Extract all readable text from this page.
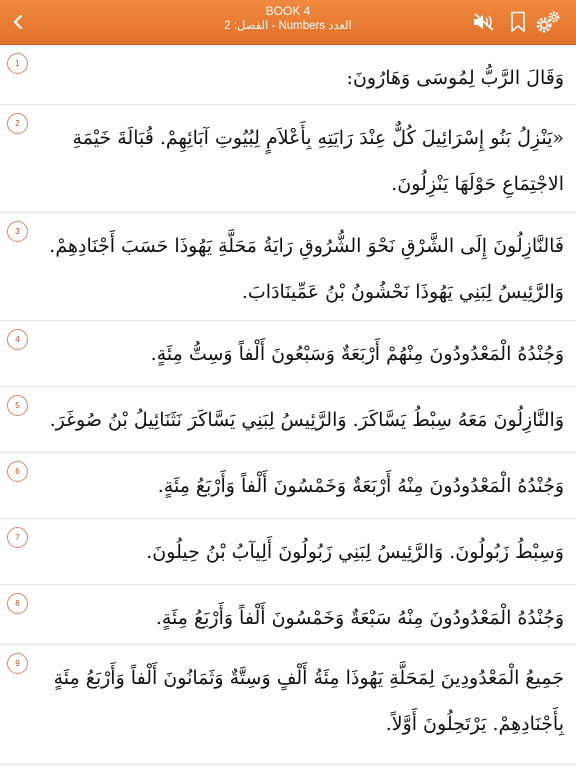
BOOK 4
العدد Numbers - الفصل: 2
1
وَقَالَ الرَّبُّ لِمُوسَى وَهَارُونَ:
2
«يَنْزِلُ بَنُو إِسْرَائِيلَ كُلٌّ عِنْدَ رَايَتِهِ بِأَعْلاَمٍ لِبُيُوتِ آبَائِهِمْ. قُبَالَةَ خَيْمَةِ الاجْتِمَاعِ حَوْلَهَا يَنْزِلُونَ.
3
فَالنَّازِلُونَ إِلَى الشَّرْقِ نَحْوَ الشُّرُوقِ رَايَةُ مَحَلَّةِ يَهُوذَا حَسَبَ أَجْنَادِهِمْ. وَالرَّئِيسُ لِبَنِي يَهُوذَا نَحْشُونُ بْنُ عَمِّينَادَابَ.
4
وَجُنْدُهُ الْمَعْدُودُونَ مِنْهُمْ أَرْبَعَةٌ وَسَبْعُونَ أَلْفاً وَسِتُّ مِئَةٍ.
5
وَالنَّازِلُونَ مَعَهُ سِبْطُ يَسَّاكَرَ. وَالرَّئِيسُ لِبَنِي يَسَّاكَرَ نَثَنَائِيلُ بْنُ صُوغَرَ.
6
وَجُنْدُهُ الْمَعْدُودُونَ مِنْهُ أَرْبَعَةٌ وَخَمْسُونَ أَلْفاً وَأَرْبَعُ مِئَةٍ.
7
وَسِبْطُ زَبُولُونَ. وَالرَّئِيسُ لِبَنِي زَبُولُونَ أَلِيآبُ بْنُ حِيلُونَ.
8
وَجُنْدُهُ الْمَعْدُودُونَ مِنْهُ سَبْعَةٌ وَخَمْسُونَ أَلْفاً وَأَرْبَعُ مِئَةٍ.
9
جَمِيعُ الْمَعْدُودِينَ لِمَحَلَّةِ يَهُوذَا مِئَةُ أَلْفٍ وَسِتَّةٌ وَثَمَانُونَ أَلْفاً وَأَرْبَعُ مِئَةٍ بِأَجْنَادِهِمْ. يَرْتَحِلُونَ أَوَّلاً.
